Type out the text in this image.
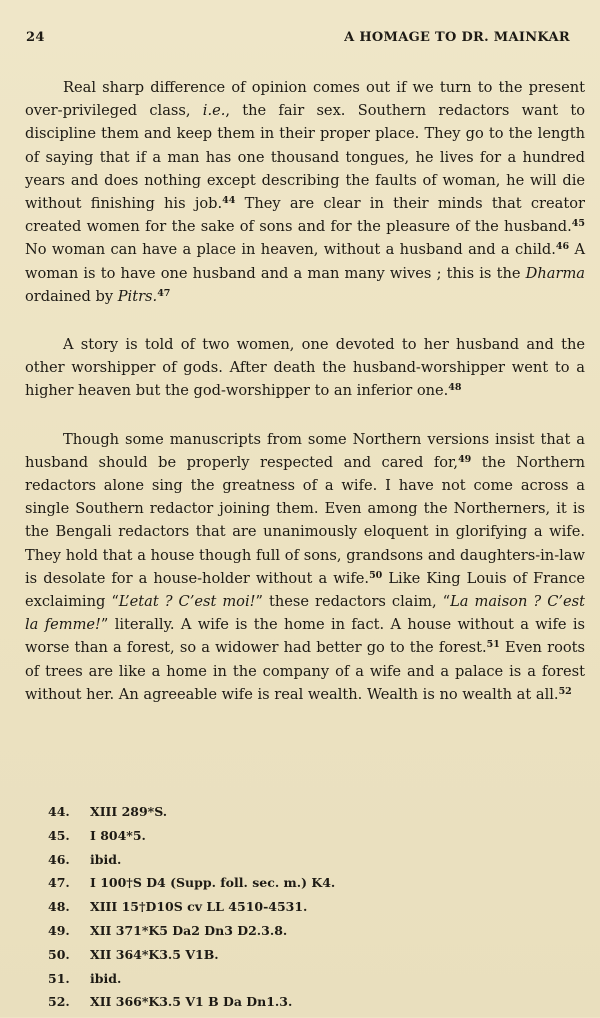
24	A HOMAGE TO DR. MAINKAR

Real sharp difference of opinion comes out if we turn to the present over-privileged class, i.e., the fair sex. Southern redactors want to discipline them and keep them in their proper place. They go to the length of saying that if a man has one thousand tongues, he lives for a hundred years and does nothing except describing the faults of woman, he will die without finishing his job.$^{44}$ They are clear in their minds that creator created women for the sake of sons and for the pleasure of the husband.$^{45}$ No woman can have a place in heaven, without a husband and a child.$^{46}$ A woman is to have one husband and a man many wives ; this is the Dharma ordained by Pitrs.$^{47}$

A story is told of two women, one devoted to her husband and the other worshipper of gods. After death the husband-worshipper went to a higher heaven but the god-worshipper to an inferior one.$^{48}$

Though some manuscripts from some Northern versions insist that a husband should be properly respected and cared for,$^{49}$ the Northern redactors alone sing the greatness of a wife. I have not come across a single Southern redactor joining them. Even among the Northerners, it is the Bengali redactors that are unanimously eloquent in glorifying a wife. They hold that a house though full of sons, grandsons and daughters-in-law is desolate for a house-holder without a wife.$^{50}$ Like King Louis of France exclaiming “L’etat ? C’est moi!” these redactors claim, “La maison ? C’est la femme!” literally. A wife is the home in fact. A house without a wife is worse than a forest, so a widower had better go to the forest.$^{51}$ Even roots of trees are like a home in the company of a wife and a palace is a forest without her. An agreeable wife is real wealth. Wealth is no wealth at all.$^{52}$

44. XIII 289*S.
45. I 804*5.
46. ibid.
47. I 100†S D4 (Supp. foll. sec. m.) K4.
48. XIII 15†D10S cv LL 4510-4531.
49. XII 371*K5 Da2 Dn3 D2.3.8.
50. XII 364*K3.5 V1B.
51. ibid.
52. XII 366*K3.5 V1 B Da Dn1.3.
